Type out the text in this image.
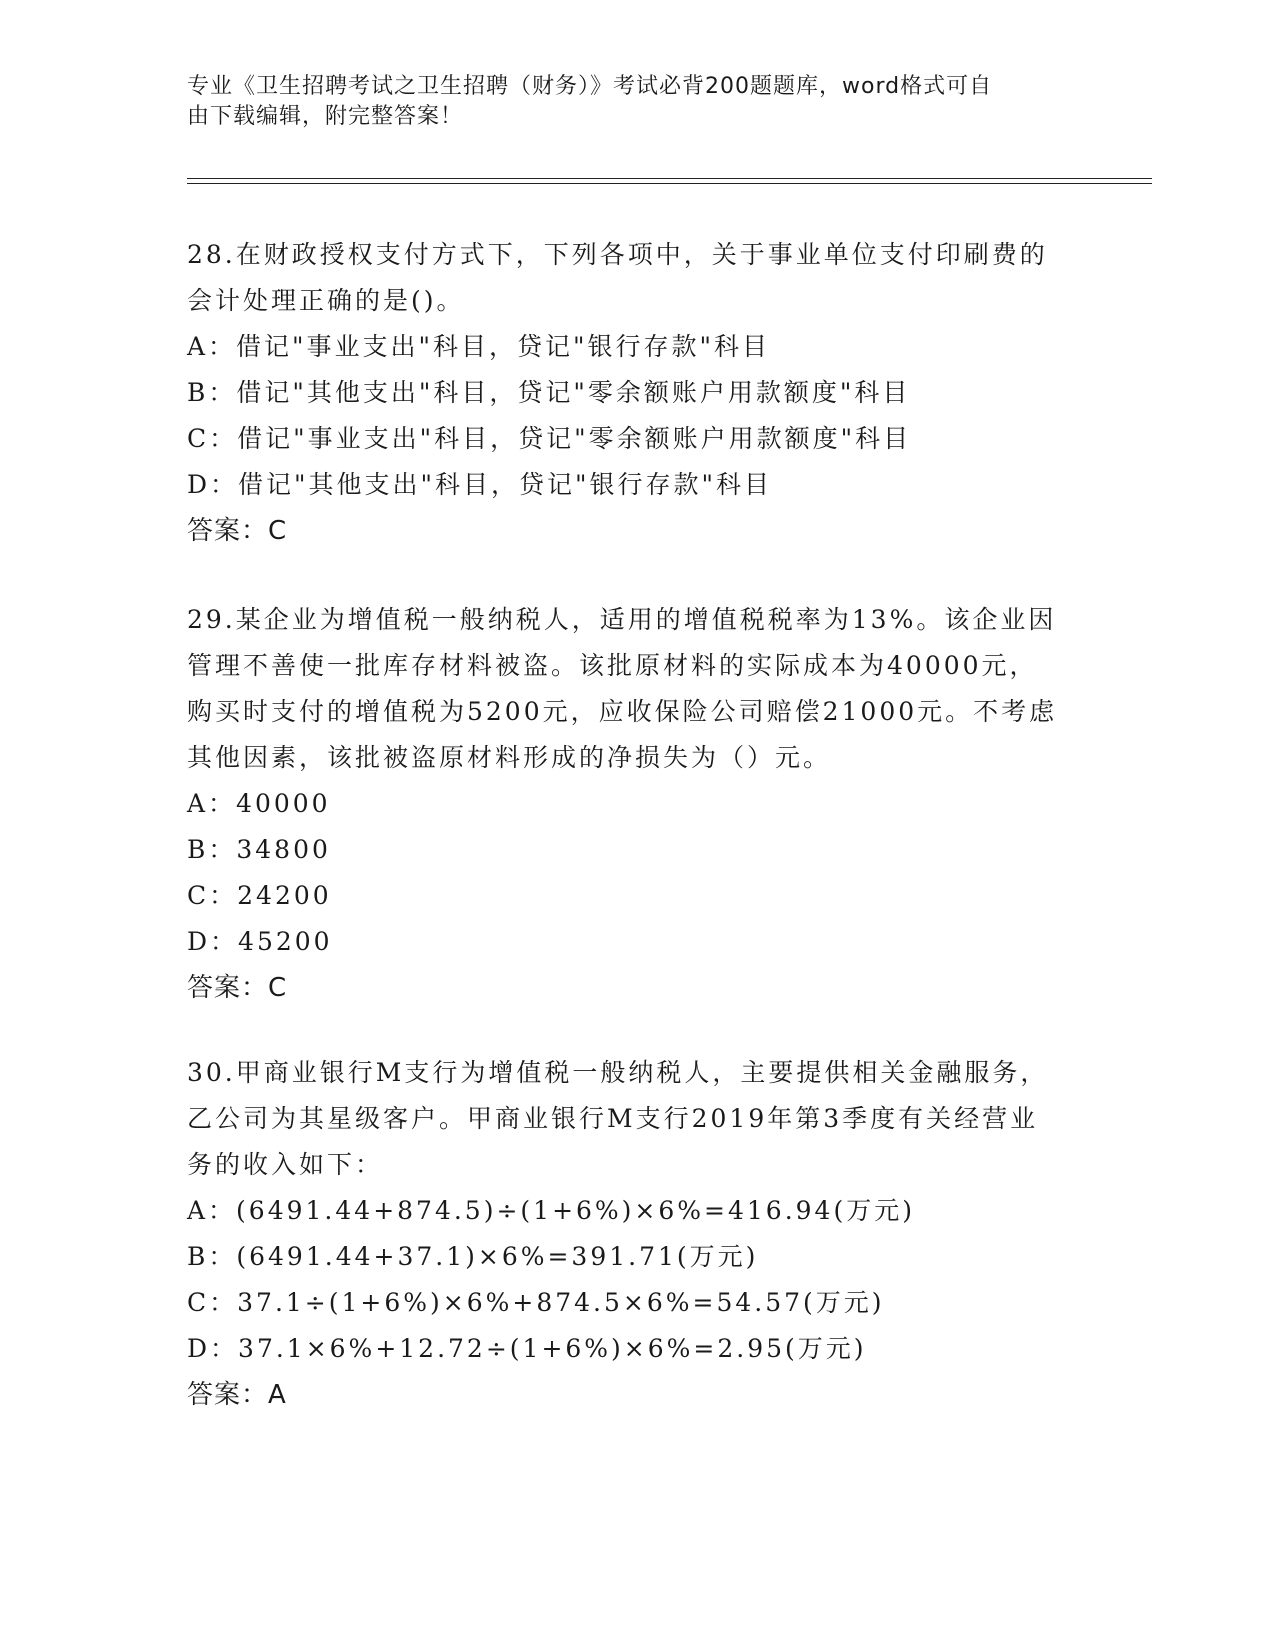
专业《卫生招聘考试之卫生招聘（财务）》考试必背200题题库，word格式可自
由下载编辑，附完整答案！
28.在财政授权支付方式下，下列各项中，关于事业单位支付印刷费的
会计处理正确的是()。
A：借记"事业支出"科目，贷记"银行存款"科目
B：借记"其他支出"科目，贷记"零余额账户用款额度"科目
C：借记"事业支出"科目，贷记"零余额账户用款额度"科目
D：借记"其他支出"科目，贷记"银行存款"科目
答案：C
29.某企业为增值税一般纳税人，适用的增值税税率为13%。该企业因
管理不善使一批库存材料被盗。该批原材料的实际成本为40000元，
购买时支付的增值税为5200元，应收保险公司赔偿21000元。不考虑
其他因素，该批被盗原材料形成的净损失为（）元。
A：40000
B：34800
C：24200
D：45200
答案：C
30.甲商业银行M支行为增值税一般纳税人，主要提供相关金融服务，
乙公司为其星级客户。甲商业银行M支行2019年第3季度有关经营业
务的收入如下：
A：(6491.44+874.5)÷(1+6%)×6%=416.94(万元)
B：(6491.44+37.1)×6%=391.71(万元)
C：37.1÷(1+6%)×6%+874.5×6%=54.57(万元)
D：37.1×6%+12.72÷(1+6%)×6%=2.95(万元)
答案：A
